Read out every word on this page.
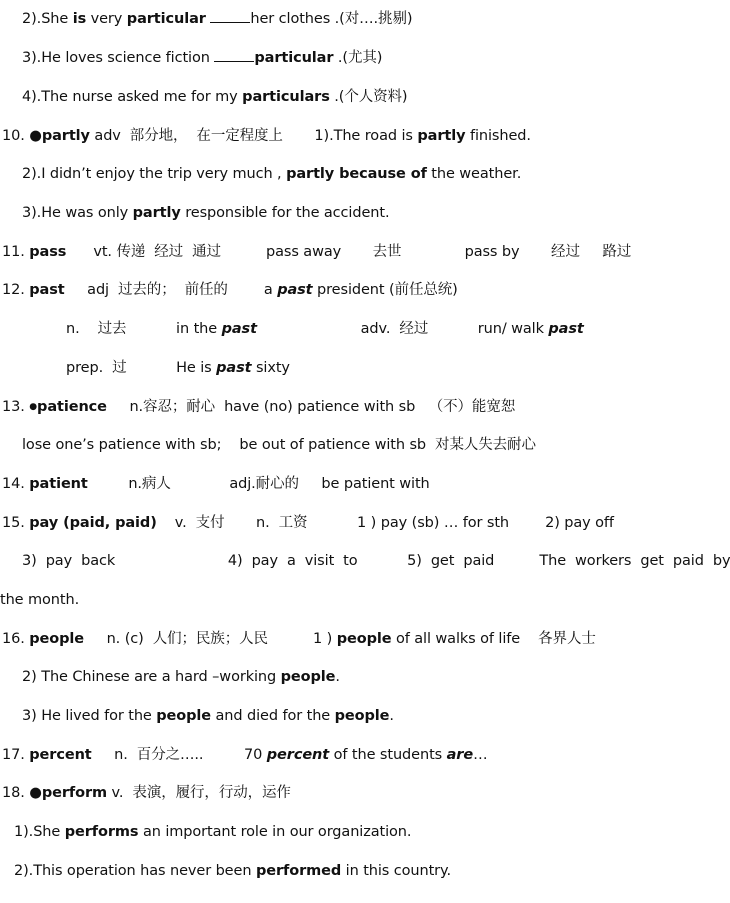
2).She is very particular	her clothes .(对….挑剔)
3).He loves science fiction	particular .(尤其)
4).The nurse asked me for my particulars .(个人资料)
10. ●partly adv  部分地，  在一定程度上       1).The road is partly finished.
2).I didn’t enjoy the trip very much , partly because of the weather.
3).He was only partly responsible for the accident.
11. pass      vt. 传递  经过  通过          pass away       去世              pass by       经过     路过
12. past     adj  过去的；  前任的        a past president (前任总统)
n.    过去           in the past                       adv.  经过           run/ walk past
prep.  过           He is past sixty
13. ●patience     n.容忍；耐心  have (no) patience with sb   （不）能宽恕
lose one’s patience with sb;    be out of patience with sb  对某人失去耐心
14. patient         n.病人             adj.耐心的     be patient with
15. pay (paid, paid)    v.  支付       n.  工资           1 ) pay (sb) … for sth        2) pay off
3)  pay  back                         4)  pay  a  visit  to           5)  get  paid          The  workers  get  paid  by
the month.
16. people     n. (c)  人们；民族；人民          1 ) people of all walks of life    各界人士
2) The Chinese are a hard –working people.
3) He lived for the people and died for the people.
17. percent     n.  百分之…..         70 percent of the students are…
18. ●perform v.  表演，履行，行动，运作
1).She performs an important role in our organization.
2).This operation has never been performed in this country.
